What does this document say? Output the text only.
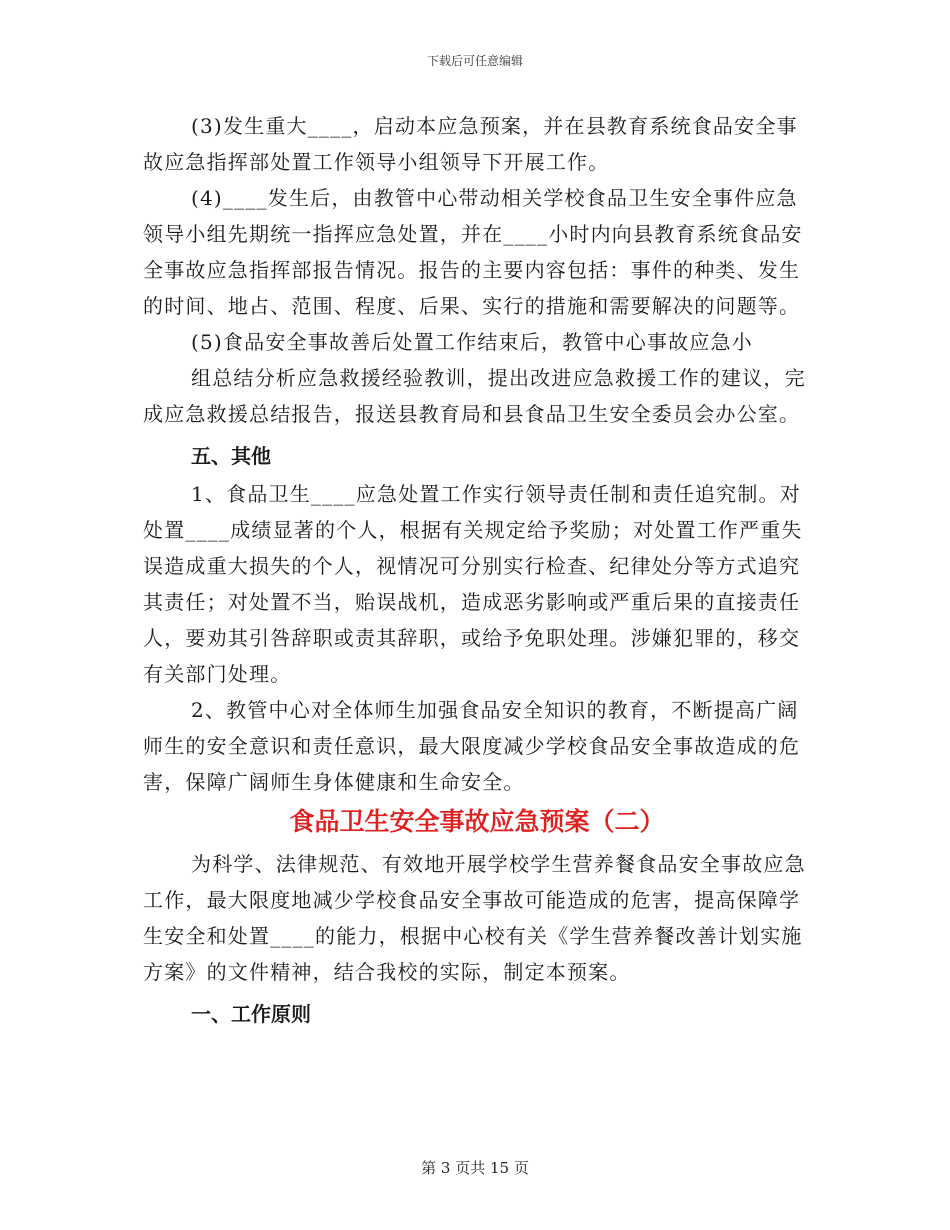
下载后可任意编辑

(3)发生重大____，启动本应急预案，并在县教育系统食品安全事故应急指挥部处置工作领导小组领导下开展工作。

(4)____发生后，由教管中心带动相关学校食品卫生安全事件应急领导小组先期统一指挥应急处置，并在____小时内向县教育系统食品安全事故应急指挥部报告情况。报告的主要内容包括：事件的种类、发生的时间、地占、范围、程度、后果、实行的措施和需要解决的问题等。

(5)食品安全事故善后处置工作结束后，教管中心事故应急小

组总结分析应急救援经验教训，提出改进应急救援工作的建议，完成应急救援总结报告，报送县教育局和县食品卫生安全委员会办公室。

五、其他

1、食品卫生____应急处置工作实行领导责任制和责任追究制。对处置____成绩显著的个人，根据有关规定给予奖励；对处置工作严重失误造成重大损失的个人，视情况可分别实行检查、纪律处分等方式追究其责任；对处置不当，贻误战机，造成恶劣影响或严重后果的直接责任人，要劝其引咎辞职或责其辞职，或给予免职处理。涉嫌犯罪的，移交有关部门处理。

2、教管中心对全体师生加强食品安全知识的教育，不断提高广阔师生的安全意识和责任意识，最大限度减少学校食品安全事故造成的危害，保障广阔师生身体健康和生命安全。

食品卫生安全事故应急预案（二）

为科学、法律规范、有效地开展学校学生营养餐食品安全事故应急工作，最大限度地减少学校食品安全事故可能造成的危害，提高保障学生安全和处置____的能力，根据中心校有关《学生营养餐改善计划实施方案》的文件精神，结合我校的实际，制定本预案。

一、工作原则

第 3 页共 15 页
